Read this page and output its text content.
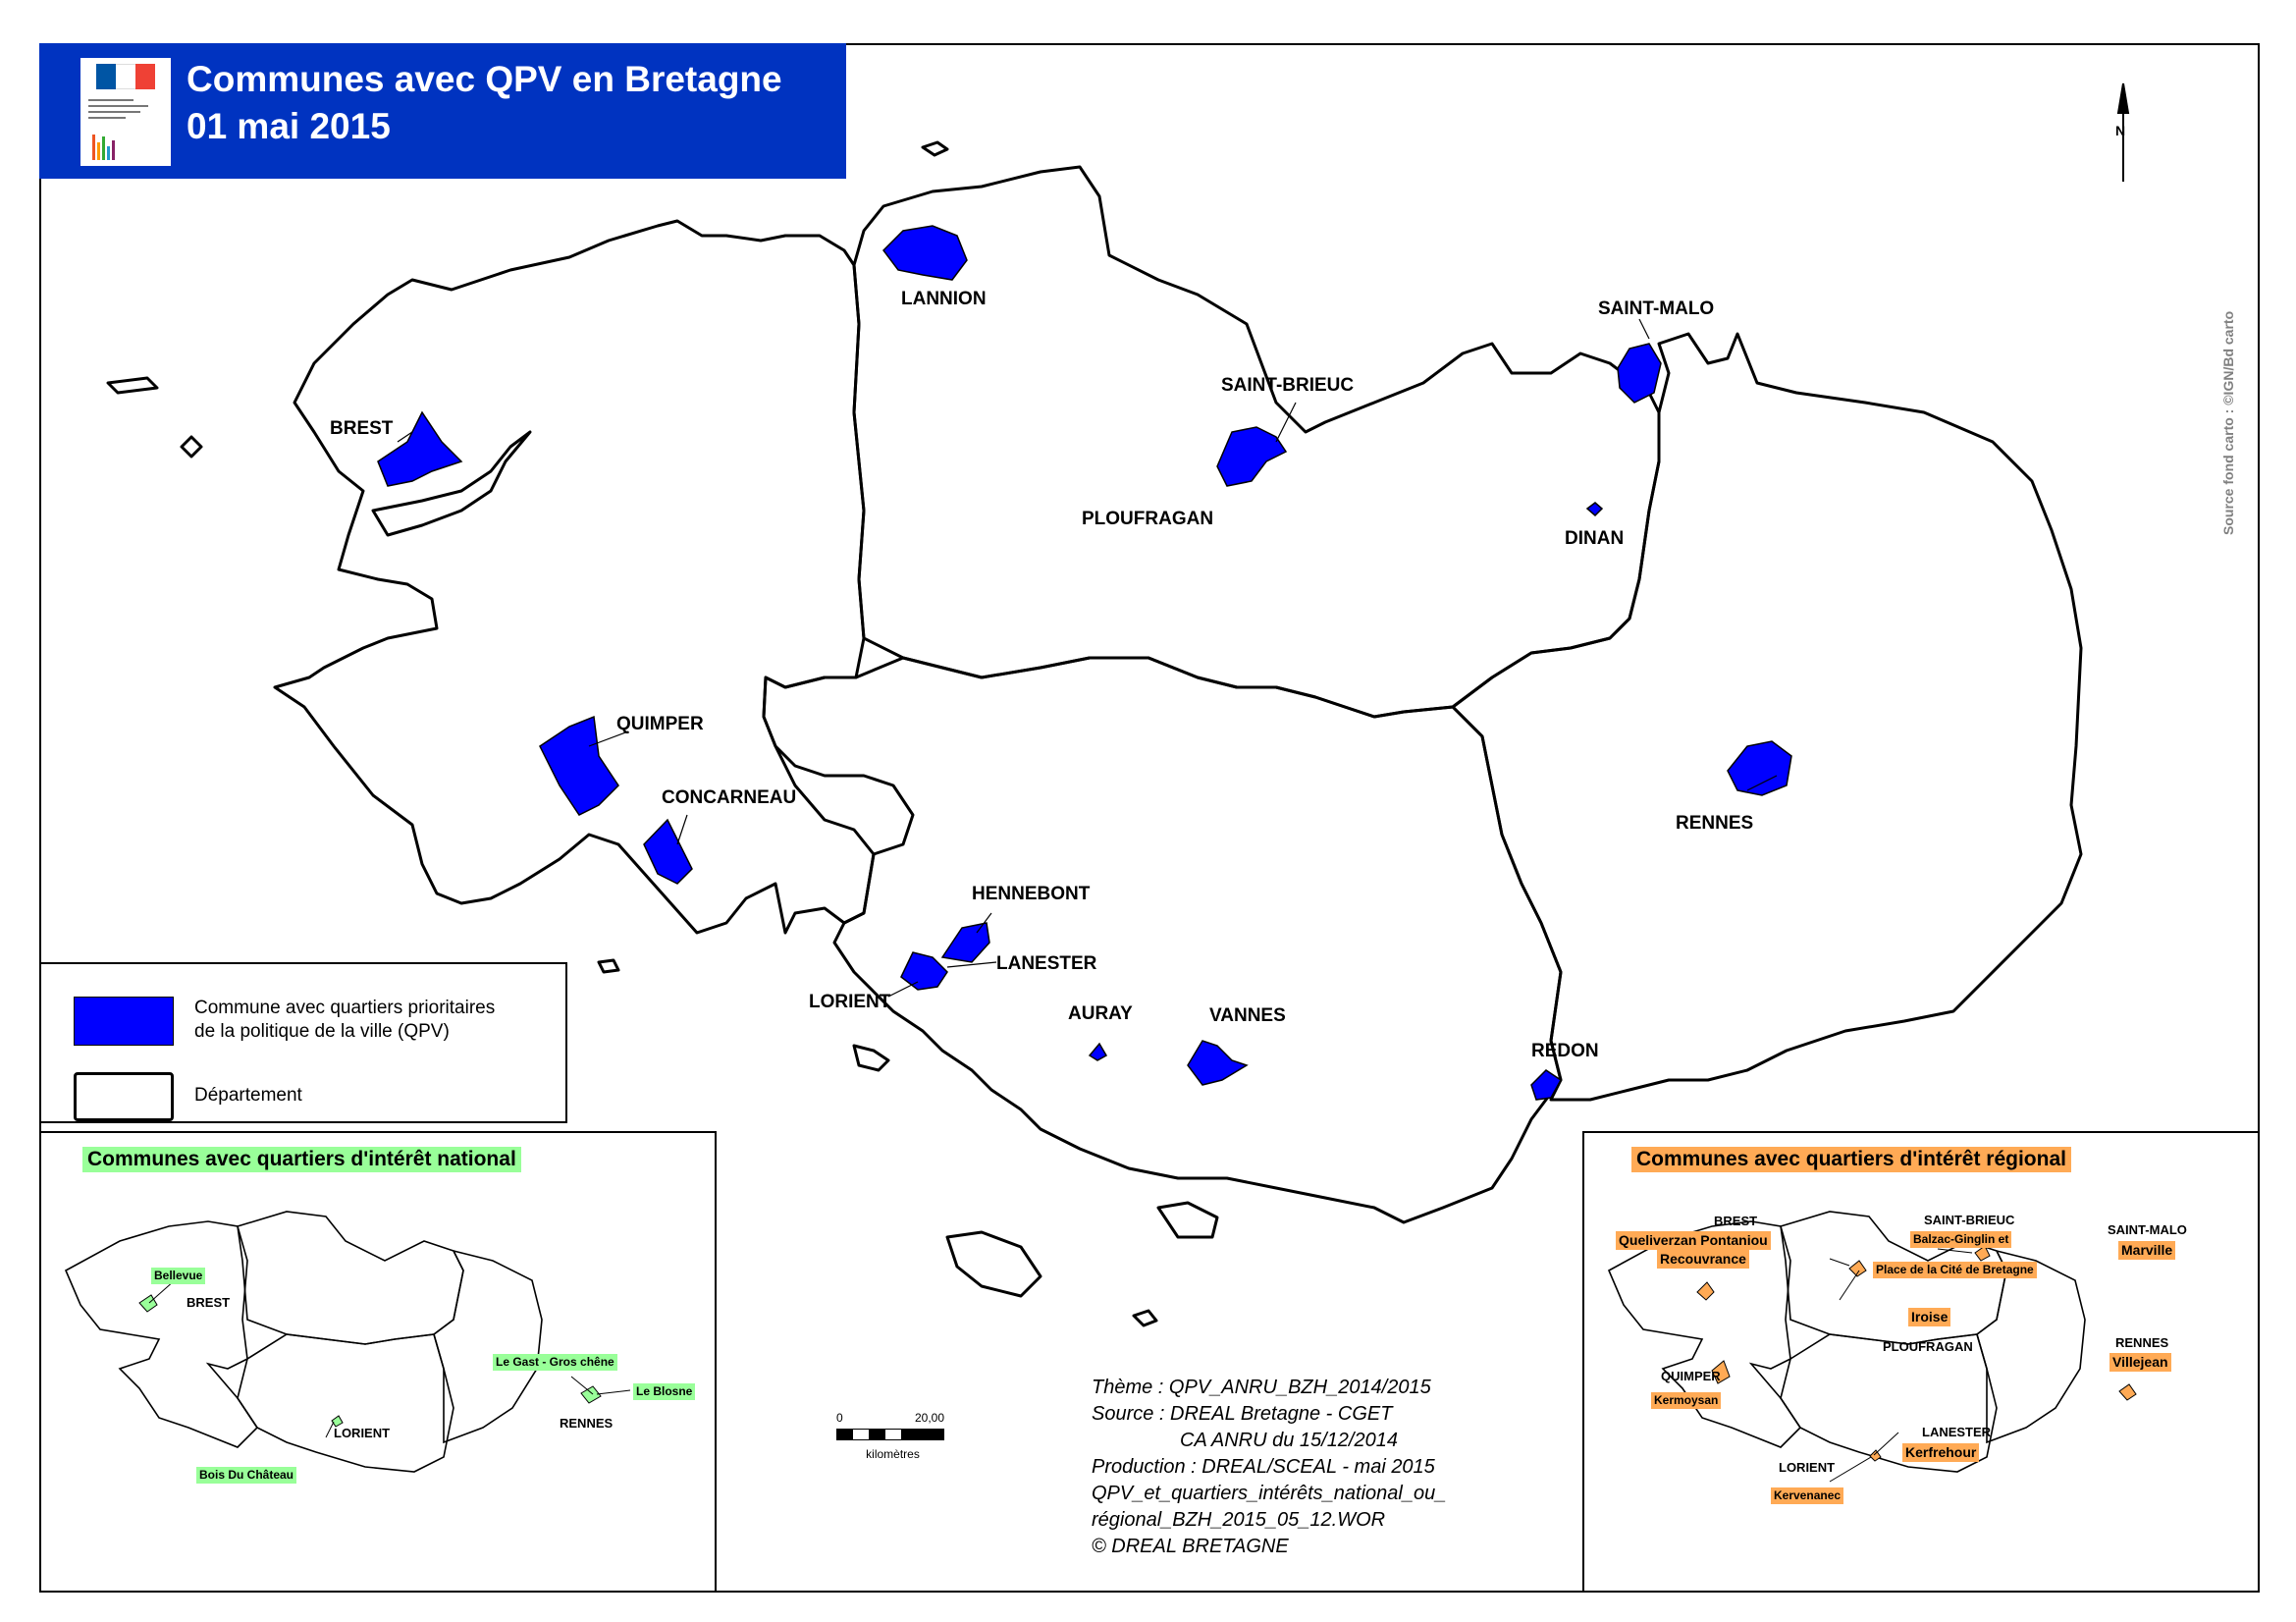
Communes avec QPV en Bretagne
01 mai 2015	N
LANNION	SAINT-MALO
BREST
SAINT-BRIEUC
PLOUFRAGAN
DINAN
QUIMPER
CONCARNEAU
RENNES
HENNEBONT
LANESTER
LORIENT
AURAY	VANNES
REDON
Commune avec quartiers prioritaires
de la politique de la ville (QPV)
Département
Communes avec quartiers d'intérêt national
Bellevue
BREST
Le Gast - Gros chêne
Le Blosne
RENNES
LORIENT
Bois Du Château
Communes avec quartiers d'intérêt régional
BREST
Queliverzan Pontaniou
Recouvrance
SAINT-BRIEUC
Balzac-Ginglin et
Place de la Cité de Bretagne
SAINT-MALO
Marville
Iroise
PLOUFRAGAN	RENNES
Villejean
QUIMPER
Kermoysan
LANESTER
Kerfrehour
LORIENT
Kervenanec
0	20,00
kilomètres
Thème : QPV_ANRU_BZH_2014/2015
Source : DREAL Bretagne - CGET
CA ANRU du 15/12/2014
Production : DREAL/SCEAL - mai 2015
QPV_et_quartiers_intérêts_national_ou_
régional_BZH_2015_05_12.WOR
© DREAL BRETAGNE
Source fond carto : ©IGN/Bd carto
